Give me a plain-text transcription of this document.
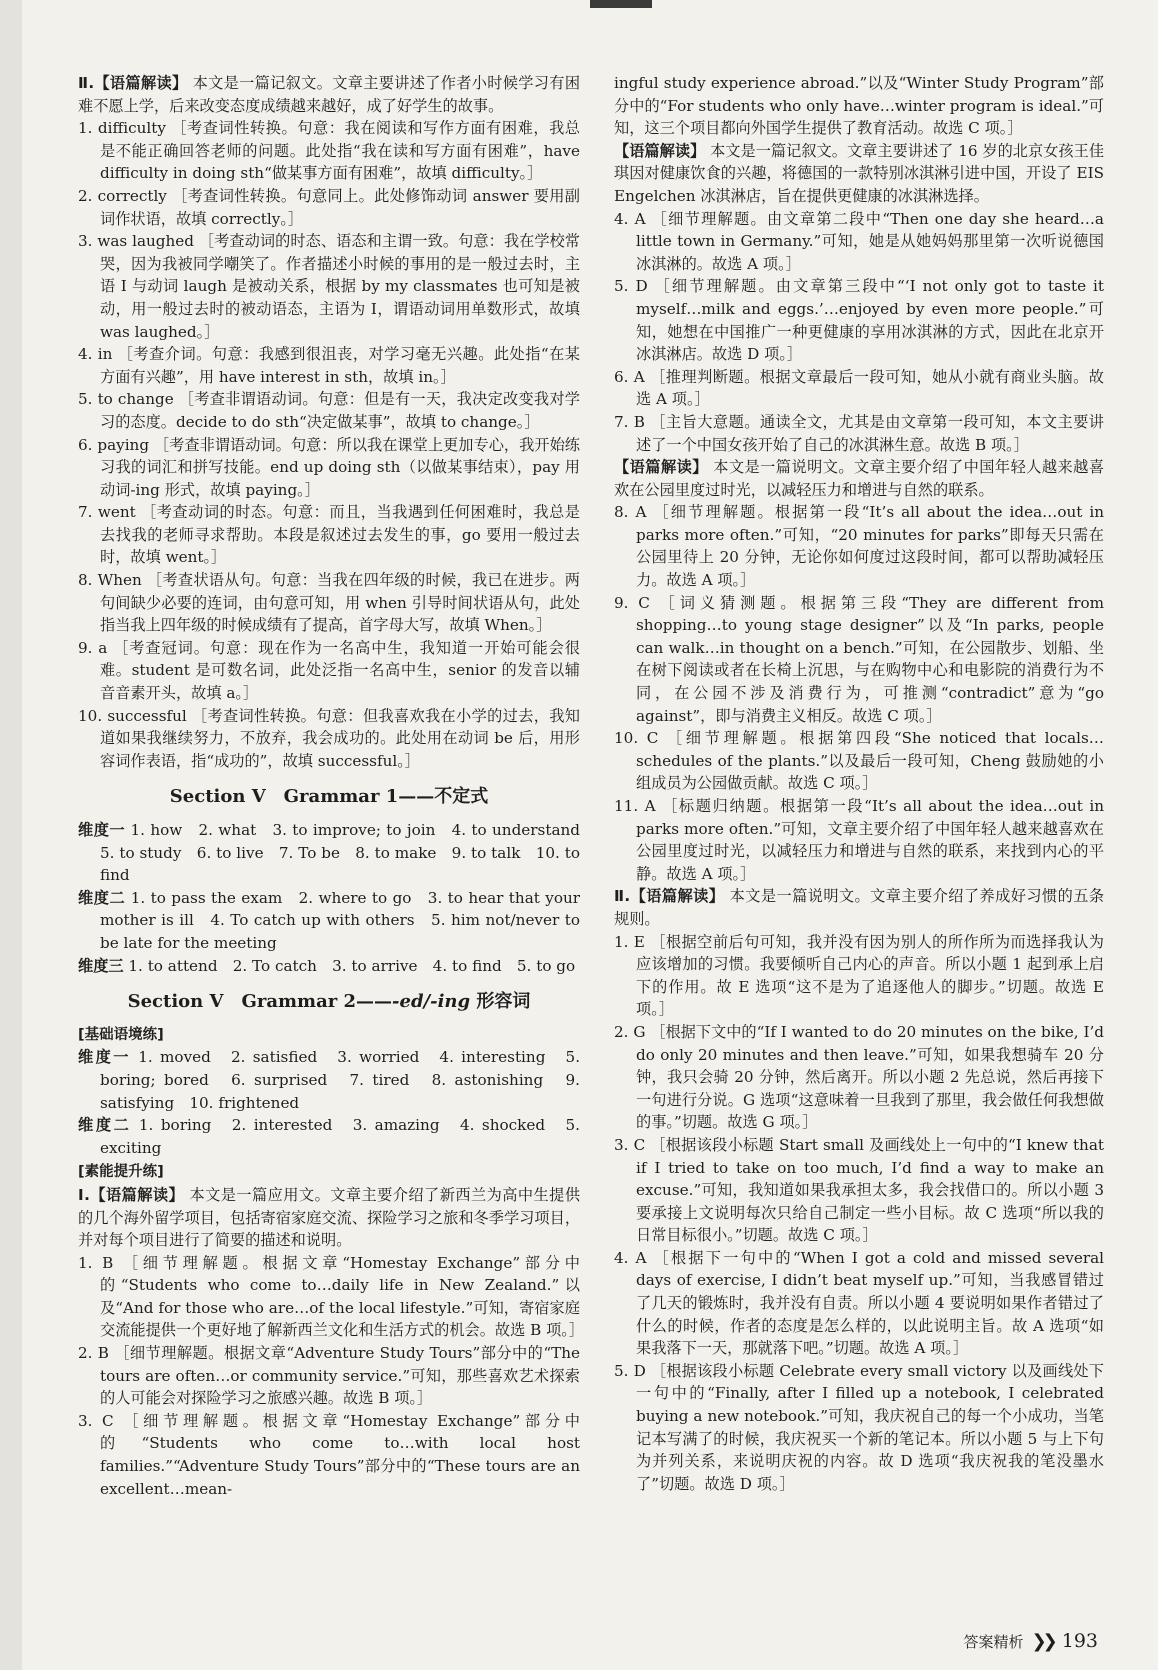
Ⅱ.【语篇解读】 本文是一篇记叙文。文章主要讲述了作者小时候学习有困难不愿上学，后来改变态度成绩越来越好，成了好学生的故事。

1. difficulty ［考查词性转换。句意：我在阅读和写作方面有困难，我总是不能正确回答老师的问题。此处指“我在读和写方面有困难”，have difficulty in doing sth“做某事方面有困难”，故填 difficulty。］

2. correctly ［考查词性转换。句意同上。此处修饰动词 answer 要用副词作状语，故填 correctly。］

3. was laughed ［考查动词的时态、语态和主谓一致。句意：我在学校常哭，因为我被同学嘲笑了。作者描述小时候的事用的是一般过去时，主语 I 与动词 laugh 是被动关系，根据 by my classmates 也可知是被动，用一般过去时的被动语态，主语为 I，谓语动词用单数形式，故填 was laughed。］

4. in ［考查介词。句意：我感到很沮丧，对学习毫无兴趣。此处指“在某方面有兴趣”，用 have interest in sth，故填 in。］

5. to change ［考查非谓语动词。句意：但是有一天，我决定改变我对学习的态度。decide to do sth“决定做某事”，故填 to change。］

6. paying ［考查非谓语动词。句意：所以我在课堂上更加专心，我开始练习我的词汇和拼写技能。end up doing sth（以做某事结束），pay 用动词-ing 形式，故填 paying。］

7. went ［考查动词的时态。句意：而且，当我遇到任何困难时，我总是去找我的老师寻求帮助。本段是叙述过去发生的事，go 要用一般过去时，故填 went。］

8. When ［考查状语从句。句意：当我在四年级的时候，我已在进步。两句间缺少必要的连词，由句意可知，用 when 引导时间状语从句，此处指当我上四年级的时候成绩有了提高，首字母大写，故填 When。］

9. a ［考查冠词。句意：现在作为一名高中生，我知道一开始可能会很难。student 是可数名词，此处泛指一名高中生，senior 的发音以辅音音素开头，故填 a。］

10. successful ［考查词性转换。句意：但我喜欢我在小学的过去，我知道如果我继续努力，不放弃，我会成功的。此处用在动词 be 后，用形容词作表语，指“成功的”，故填 successful。］

Section Ⅴ　Grammar 1——不定式

维度一 1. how　2. what　3. to improve; to join　4. to understand　5. to study　6. to live　7. To be　8. to make　9. to talk　10. to find

维度二 1. to pass the exam　2. where to go　3. to hear that your mother is ill　4. To catch up with others　5. him not/never to be late for the meeting

维度三 1. to attend　2. To catch　3. to arrive　4. to find　5. to go

Section Ⅴ　Grammar 2——-ed/-ing 形容词
[基础语境练]

维度一 1. moved　2. satisfied　3. worried　4. interesting　5. boring; bored　6. surprised　7. tired　8. astonishing　9. satisfying　10. frightened

维度二 1. boring　2. interested　3. amazing　4. shocked　5. exciting

[素能提升练]

Ⅰ.【语篇解读】 本文是一篇应用文。文章主要介绍了新西兰为高中生提供的几个海外留学项目，包括寄宿家庭交流、探险学习之旅和冬季学习项目，并对每个项目进行了简要的描述和说明。

1. B ［细节理解题。根据文章“Homestay Exchange”部分中的“Students who come to…daily life in New Zealand.”以及“And for those who are…of the local lifestyle.”可知，寄宿家庭交流能提供一个更好地了解新西兰文化和生活方式的机会。故选 B 项。］

2. B ［细节理解题。根据文章“Adventure Study Tours”部分中的“The tours are often…or community service.”可知，那些喜欢艺术探索的人可能会对探险学习之旅感兴趣。故选 B 项。］

3. C ［细节理解题。根据文章“Homestay Exchange”部分中的“Students who come to…with local host families.”“Adventure Study Tours”部分中的“These tours are an excellent…mean-

ingful study experience abroad.”以及“Winter Study Program”部分中的“For students who only have…winter program is ideal.”可知，这三个项目都向外国学生提供了教育活动。故选 C 项。］

【语篇解读】 本文是一篇记叙文。文章主要讲述了 16 岁的北京女孩王佳琪因对健康饮食的兴趣，将德国的一款特别冰淇淋引进中国，开设了 EIS Engelchen 冰淇淋店，旨在提供更健康的冰淇淋选择。

4. A ［细节理解题。由文章第二段中“Then one day she heard…a little town in Germany.”可知，她是从她妈妈那里第一次听说德国冰淇淋的。故选 A 项。］

5. D ［细节理解题。由文章第三段中“‘I not only got to taste it myself…milk and eggs.’…enjoyed by even more people.”可知，她想在中国推广一种更健康的享用冰淇淋的方式，因此在北京开冰淇淋店。故选 D 项。］

6. A ［推理判断题。根据文章最后一段可知，她从小就有商业头脑。故选 A 项。］

7. B ［主旨大意题。通读全文，尤其是由文章第一段可知，本文主要讲述了一个中国女孩开始了自己的冰淇淋生意。故选 B 项。］

【语篇解读】 本文是一篇说明文。文章主要介绍了中国年轻人越来越喜欢在公园里度过时光，以减轻压力和增进与自然的联系。

8. A ［细节理解题。根据第一段“It’s all about the idea…out in parks more often.”可知，“20 minutes for parks”即每天只需在公园里待上 20 分钟，无论你如何度过这段时间，都可以帮助减轻压力。故选 A 项。］

9. C ［词义猜测题。根据第三段“They are different from shopping…to young stage designer”以及“In parks, people can walk…in thought on a bench.”可知，在公园散步、划船、坐在树下阅读或者在长椅上沉思，与在购物中心和电影院的消费行为不同，在公园不涉及消费行为，可推测“contradict”意为“go against”，即与消费主义相反。故选 C 项。］

10. C ［细节理解题。根据第四段“She noticed that locals…schedules of the plants.”以及最后一段可知，Cheng 鼓励她的小组成员为公园做贡献。故选 C 项。］

11. A ［标题归纳题。根据第一段“It’s all about the idea…out in parks more often.”可知，文章主要介绍了中国年轻人越来越喜欢在公园里度过时光，以减轻压力和增进与自然的联系，来找到内心的平静。故选 A 项。］

Ⅱ.【语篇解读】 本文是一篇说明文。文章主要介绍了养成好习惯的五条规则。

1. E ［根据空前后句可知，我并没有因为别人的所作所为而选择我认为应该增加的习惯。我要倾听自己内心的声音。所以小题 1 起到承上启下的作用。故 E 选项“这不是为了追逐他人的脚步。”切题。故选 E 项。］

2. G ［根据下文中的“If I wanted to do 20 minutes on the bike, I’d do only 20 minutes and then leave.”可知，如果我想骑车 20 分钟，我只会骑 20 分钟，然后离开。所以小题 2 先总说，然后再接下一句进行分说。G 选项“这意味着一旦我到了那里，我会做任何我想做的事。”切题。故选 G 项。］

3. C ［根据该段小标题 Start small 及画线处上一句中的“I knew that if I tried to take on too much, I’d find a way to make an excuse.”可知，我知道如果我承担太多，我会找借口的。所以小题 3 要承接上文说明每次只给自己制定一些小目标。故 C 选项“所以我的日常目标很小。”切题。故选 C 项。］

4. A ［根据下一句中的“When I got a cold and missed several days of exercise, I didn’t beat myself up.”可知，当我感冒错过了几天的锻炼时，我并没有自责。所以小题 4 要说明如果作者错过了什么的时候，作者的态度是怎么样的，以此说明主旨。故 A 选项“如果我落下一天，那就落下吧。”切题。故选 A 项。］

5. D ［根据该段小标题 Celebrate every small victory 以及画线处下一句中的“Finally, after I filled up a notebook, I celebrated buying a new notebook.”可知，我庆祝自己的每一个小成功，当笔记本写满了的时候，我庆祝买一个新的笔记本。所以小题 5 与上下句为并列关系，来说明庆祝的内容。故 D 选项“我庆祝我的笔没墨水了”切题。故选 D 项。］

答案精析 ❯❯ 193
